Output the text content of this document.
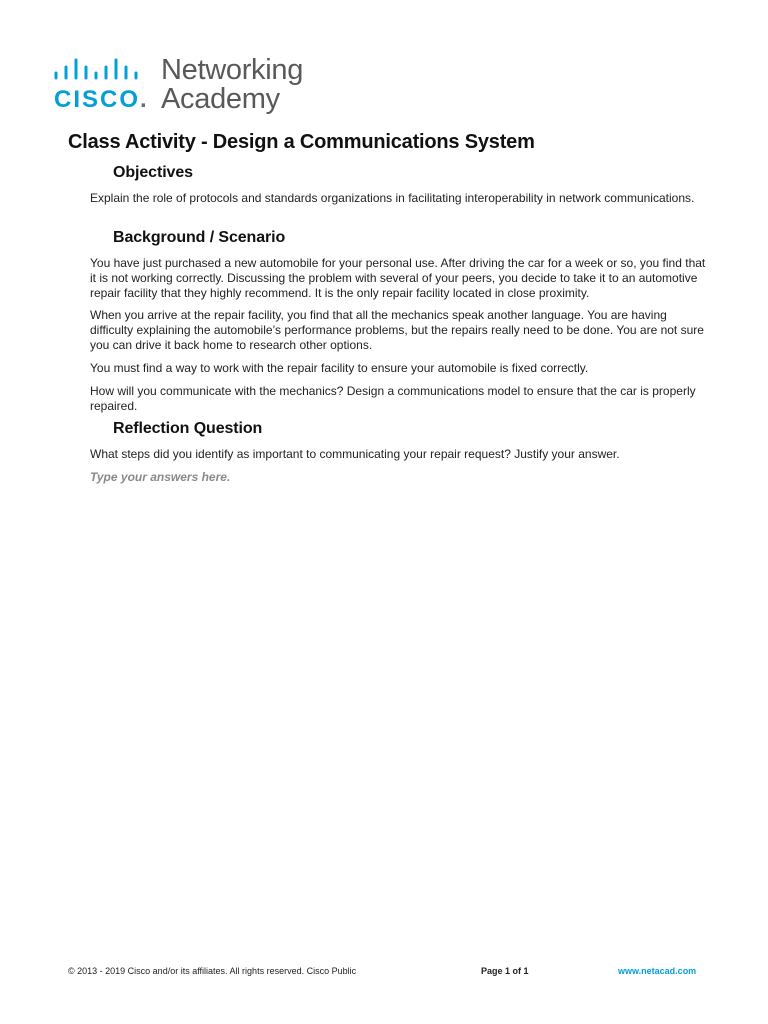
CISCO.
Networking
Academy
Class Activity - Design a Communications System
Objectives

Explain the role of protocols and standards organizations in facilitating interoperability in network communications.

Background / Scenario

You have just purchased a new automobile for your personal use. After driving the car for a week or so, you find that it is not working correctly. Discussing the problem with several of your peers, you decide to take it to an automotive repair facility that they highly recommend. It is the only repair facility located in close proximity.

When you arrive at the repair facility, you find that all the mechanics speak another language. You are having difficulty explaining the automobile’s performance problems, but the repairs really need to be done. You are not sure you can drive it back home to research other options.

You must find a way to work with the repair facility to ensure your automobile is fixed correctly.

How will you communicate with the mechanics? Design a communications model to ensure that the car is properly repaired.

Reflection Question

What steps did you identify as important to communicating your repair request? Justify your answer.

Type your answers here.

© 2013 - 2019 Cisco and/or its affiliates. All rights reserved. Cisco Public	Page 1 of 1	www.netacad.com
